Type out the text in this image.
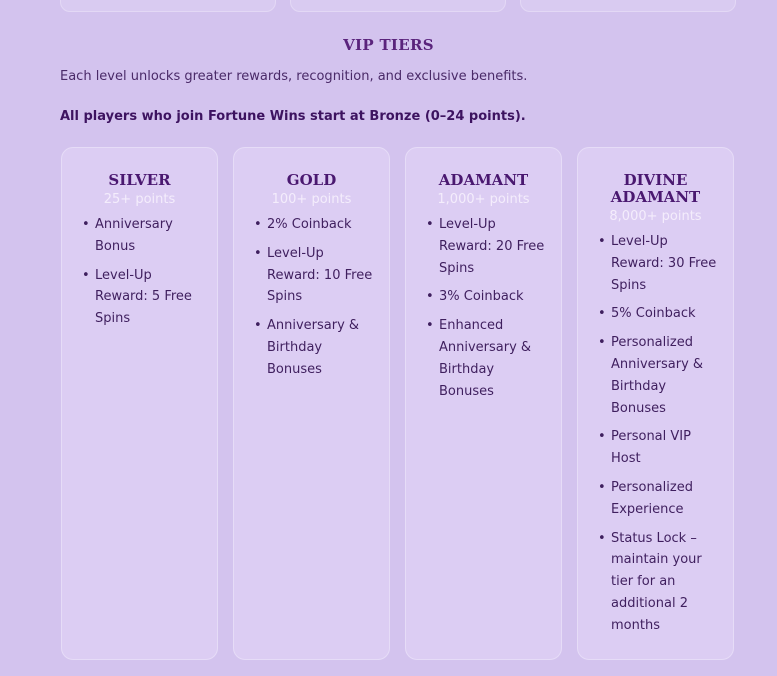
VIP TIERS
Each level unlocks greater rewards, recognition, and exclusive benefits.
All players who join Fortune Wins start at Bronze (0–24 points).
SILVER
25+ points
• Anniversary Bonus
• Level-Up Reward: 5 Free Spins
GOLD
100+ points
• 2% Coinback
• Level-Up Reward: 10 Free Spins
• Anniversary & Birthday Bonuses
ADAMANT
1,000+ points
• Level-Up Reward: 20 Free Spins
• 3% Coinback
• Enhanced Anniversary & Birthday Bonuses
DIVINE ADAMANT
8,000+ points
• Level-Up Reward: 30 Free Spins
• 5% Coinback
• Personalized Anniversary & Birthday Bonuses
• Personal VIP Host
• Personalized Experience
• Status Lock – maintain your tier for an additional 2 months
